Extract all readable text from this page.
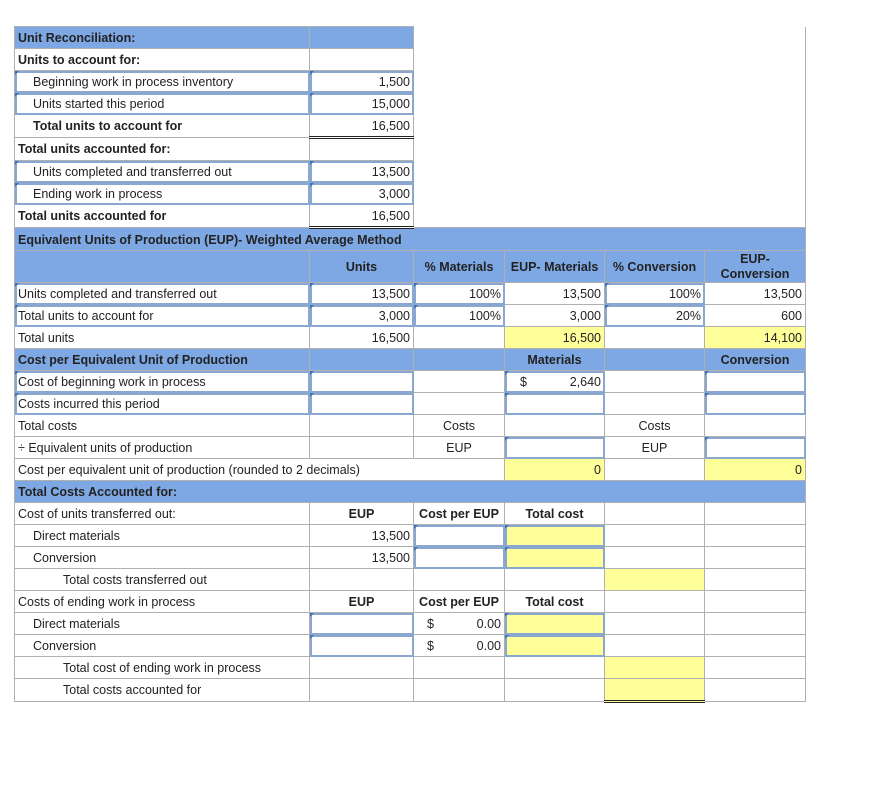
Unit Reconciliation:					
Units to account for:					
Beginning work in process inventory	1,500				
Units started this period	15,000				
Total units to account for	16,500				
Total units accounted for:					
Units completed and transferred out	13,500				
Ending work in process	3,000				
Total units accounted for	16,500				
Equivalent Units of Production (EUP)- Weighted Average Method					
	Units	% Materials	EUP- Materials	% Conversion	EUP-
Conversion
Units completed and transferred out	13,500	100%	13,500	100%	13,500
Total units to account for	3,000	100%	3,000	20%	600
Total units	16,500		16,500		14,100
Cost per Equivalent Unit of Production			Materials		Conversion
Cost of beginning work in process			$ 2,640		

Costs incurred this period					
Total costs		Costs		Costs	
÷ Equivalent units of production		EUP		EUP	
Cost per equivalent unit of production (rounded to 2 decimals)			0		0
Total Costs Accounted for:					
Cost of units transferred out:	EUP	Cost per EUP	Total cost		
Direct materials	13,500				
Conversion	13,500				
Total costs transferred out					
Costs of ending work in process	EUP	Cost per EUP	Total cost		
Direct materials		$ 0.00			

Conversion		$ 0.00			

Total cost of ending work in process					
Total costs accounted for					
